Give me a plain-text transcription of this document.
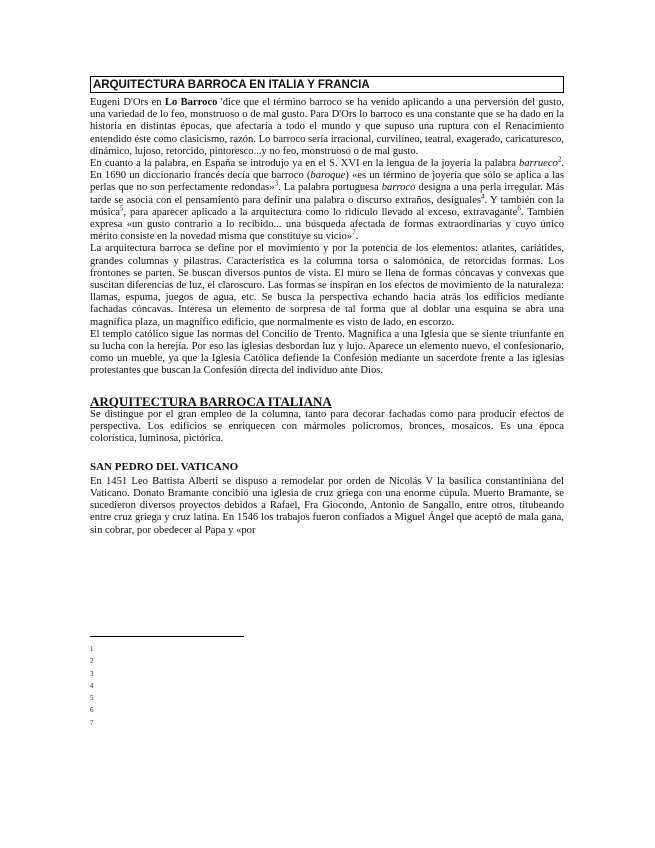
ARQUITECTURA BARROCA EN ITALIA Y FRANCIA

Eugeni D'Ors en Lo Barroco 'dice que el término barroco se ha venido aplicando a una perversión del gusto, una variedad de lo feo, monstruoso o de mal gusto. Para D'Ors lo barroco es una constante que se ha dado en la historia en distintas épocas, que afectaría a todo el mundo y que supuso una ruptura con el Renacimiento entendido éste como clasicismo, razón. Lo barroco sería irracional, curvilíneo, teatral, exagerado, caricaturesco, dinámico, lujoso, retorcido, pintoresco...y no feo, monstruoso o de mal gusto.

En cuanto a la palabra, en España se introdujo ya en el S. XVI en la lengua de la joyería la palabra barrueco$^2$. En 1690 un diccionario francés decía que barroco (baroque) «es un término de joyería que sólo se aplica a las perlas que no son perfectamente redondas»$^3$. La palabra portuguesa barroco designa a una perla irregular. Más tarde se asocia con el pensamiento para definir una palabra o discurso extraños, desiguales$^4$. Y también con la música$^5$, para aparecer aplicado a la arquitectura como lo ridículo llevado al exceso, extravagante$^6$. También expresa «un gusto contrario a lo recibido... una búsqueda afectada de formas extraordinarias y cuyo único mérito consiste en la novedad misma que constituye su vicio»$^7$.

La arquitectura barroca se define por el movimiento y por la potencia de los elementos: atlantes, cariátides, grandes columnas y pilastras. Característica es la columna torsa o salomónica, de retorcidas formas. Los frontones se parten. Se buscan diversos puntos de vista. El muro se llena de formas cóncavas y convexas que suscitan diferencias de luz, el claroscuro. Las formas se inspiran en los efectos de movimiento de la naturaleza: llamas, espuma, juegos de agua, etc. Se busca la perspectiva echando hacia atrás los edificios mediante fachadas cóncavas. Interesa un elemento de sorpresa de tal forma que al doblar una esquina se abra una magnífica plaza, un magnífico edificio, que normalmente es visto de lado, en escorzo.

El templo católico sigue las normas del Concilio de Trento. Magnífica a una Iglesia que se siente triunfante en su lucha con la herejía. Por eso las iglesias desbordan luz y lujo. Aparece un elemento nuevo, el confesionario, como un mueble, ya que la Iglesia Católica defiende la Confesión mediante un sacerdote frente a las iglesias protestantes que buscan la Confesión directa del individuo ante Dios.

ARQUITECTURA BARROCA ITALIANA

Se distingue por el gran empleo de la columna, tanto para decorar fachadas como para producir efectos de perspectiva. Los edificios se enriquecen con mármoles policromos, bronces, mosaicos. Es una época colorística, luminosa, pictórica.

SAN PEDRO DEL VATICANO

En 1451 Leo Battista Alberti se dispuso a remodelar por orden de Nicolás V la basílica constantiniana del Vaticano. Donato Bramante concibió una iglesia de cruz griega con una enorme cúpula. Muerto Bramante, se sucedieron diversos proyectos debidos a Rafael, Fra Giocondo, Antonio de Sangallo, entre otros, titubeando entre cruz griega y cruz latina. En 1546 los trabajos fueron confiados a Miguel Ángel que aceptó de mala gana, sin cobrar, por obedecer al Papa y «por

1
2
3
4
5
6
7
